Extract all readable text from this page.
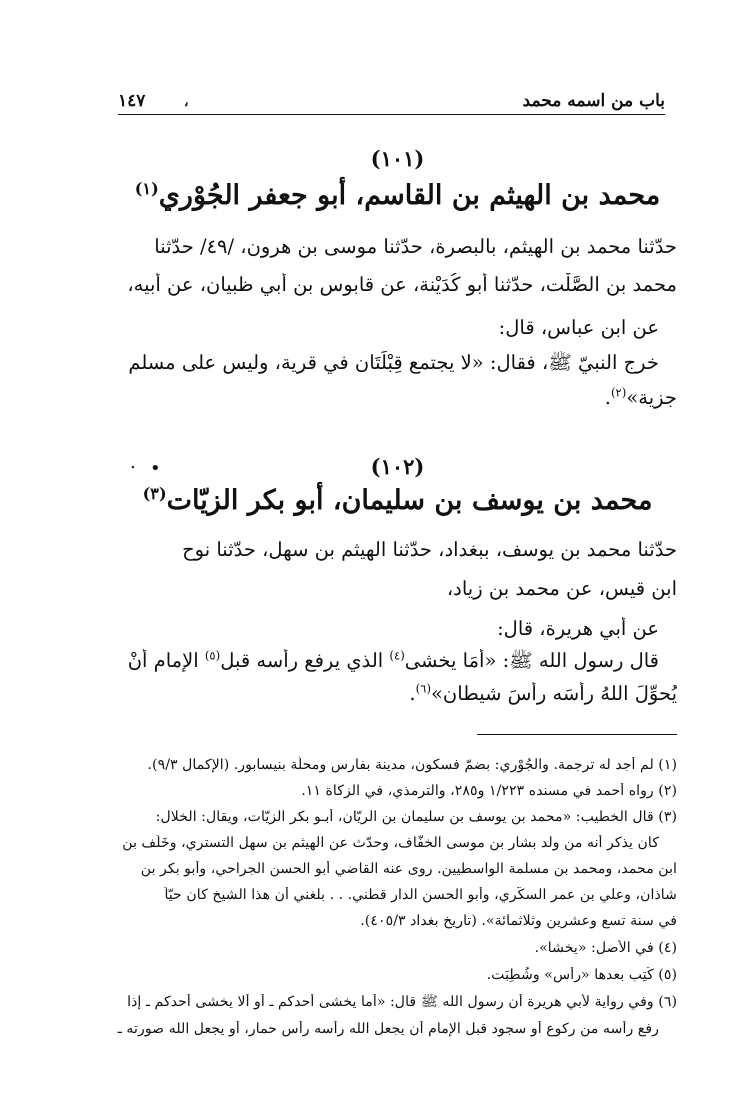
باب من اسمه محمد
١٤٧	،
(١٠١)
محمد بن الهيثم بن القاسم، أبو جعفر الجُوْري$^{(١)}$
حدّثنا محمد بن الهيثم، بالبصرة، حدّثنا موسى بن هرون، /٤٩/ حدّثنا
محمد بن الصَّلْت، حدّثنا أبو كُدَيْنة، عن قابوس بن أبي ظبيان، عن أبيه،
عن ابن عباس، قال:
خرج النبيّ ﷺ، فقال: «لا يجتمع قِبْلَتَان في قرية، وليس على مسلم
جزية»$^{(٢)}$.
(١٠٢)
. •
محمد بن يوسف بن سليمان، أبو بكر الزيّات$^{(٣)}$
حدّثنا محمد بن يوسف، ببغداد، حدّثنا الهيثم بن سهل، حدّثنا نوح
ابن قيس، عن محمد بن زياد،
عن أبي هريرة، قال:
قال رسول الله ﷺ: «أمَا يخشى$^{(٤)}$ الذي يرفع رأسه قبل$^{(٥)}$ الإمام أنْ
يُحوِّلَ اللهُ رأسَه رأسَ شيطان»$^{(٦)}$.
(١) لم أجد له ترجمة. والجُوْري: بضمّ فسكون، مدينة بفارس ومحلّة بنيسابور. (الإكمال ٩/٣).
(٢) رواه أحمد في مسنده ١/٢٢٣ و٢٨٥، والترمذي، في الزكاة ١١.
(٣) قال الخطيب: «محمد بن يوسف بن سليمان بن الريّان، أبـو بكر الزيّات، ويقال: الخلال:
كان يذكر أنه من ولد بشار بن موسى الخفّاف، وحدّث عن الهيثم بن سهل التستري، وخَلَف بن
ابن محمد، ومحمد بن مسلمة الواسطيين. روى عنه القاضي أبو الحسن الجراحي، وأبو بكر بن
شاذان، وعلي بن عمر السكّري، وأبو الحسن الدار قطني. . . بلغني أن هذا الشيخ كان حيّاً
في سنة تسع وعشرين وثلاثمائة». (تاريخ بغداد ٤٠٥/٣).
(٤) في الأصل: «يخشا».
(٥) كُتِب بعدها «رأس» وشُطِبَت.
(٦) وفي رواية لأبي هريرة أن رسول الله ﷺ قال: «أما يخشى أحدكم ـ أو ألا يخشى أحدكم ـ إذا
رفع رأسه من ركوع أو سجود قبل الإمام أن يجعل الله رأسه رأس حمار، أو يجعل الله صورته ـ
